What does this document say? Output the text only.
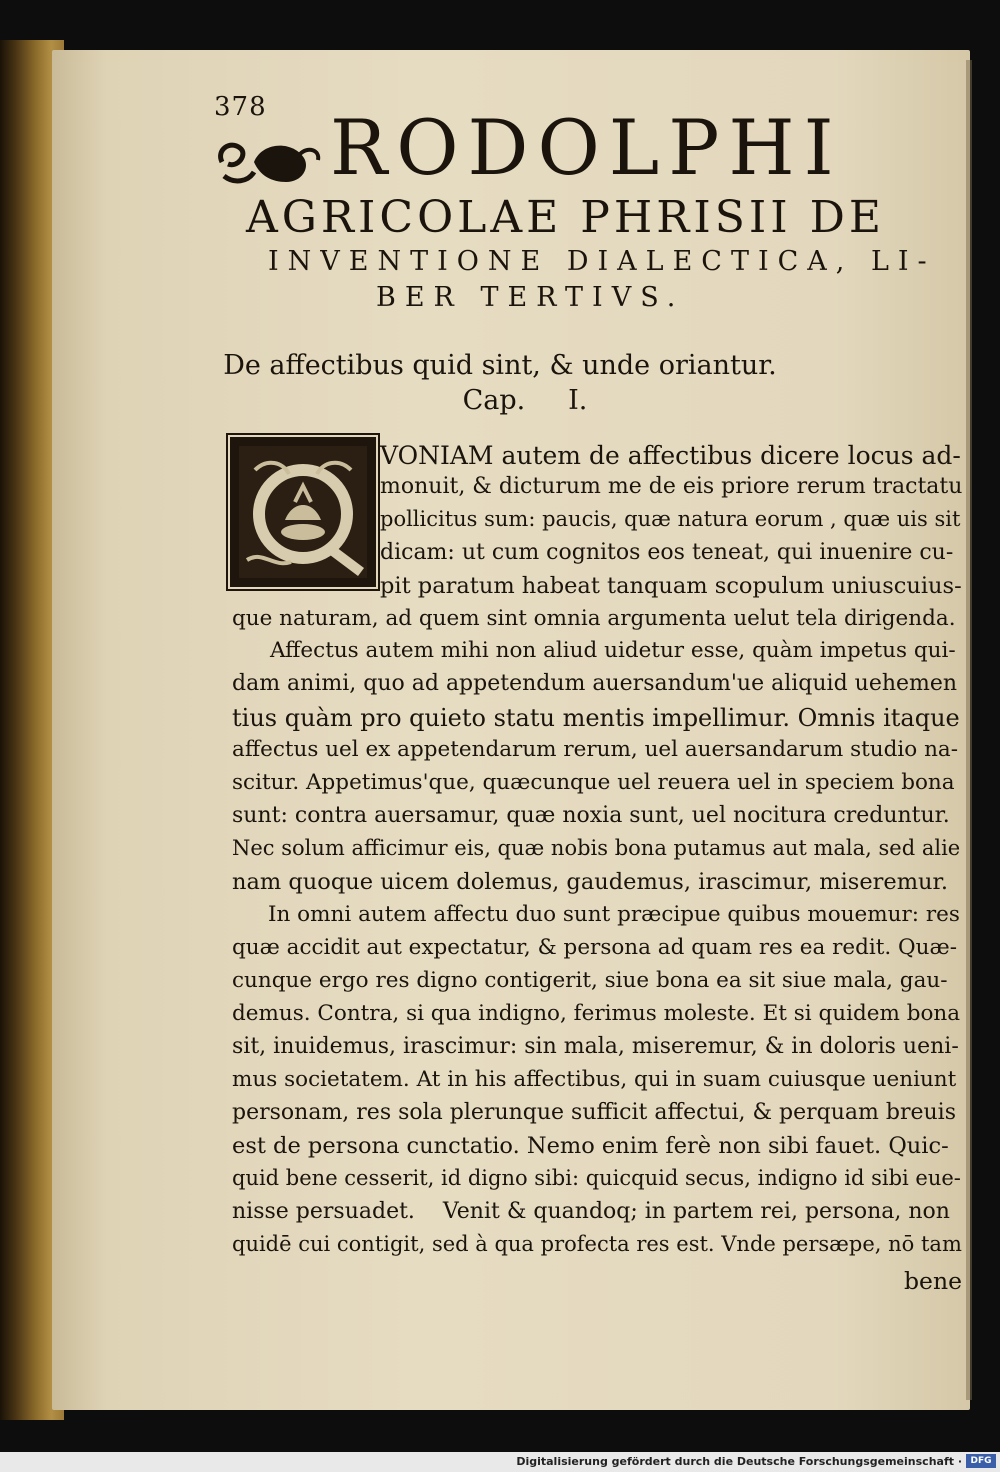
378 RODOLPHI
AGRICOLAE PHRISII DE
INVENTIONE DIALECTICA, LI-
BER TERTIVS.
De affectibus quid sint, & unde oriantur.
Cap.     I.
VONIAM autem de affectibus dicere locus ad-
monuit, & dicturum me de eis priore rerum tractatu
pollicitus sum: paucis, quæ natura eorum , quæ uis sit
dicam: ut cum cognitos eos teneat, qui inuenire cu-
pit paratum habeat tanquam scopulum uniuscuius-
que naturam, ad quem sint omnia argumenta uelut tela dirigenda.
Affectus autem mihi non aliud uidetur esse, quàm impetus qui-
dam animi, quo ad appetendum auersandum'ue aliquid uehemen
tius quàm pro quieto statu mentis impellimur. Omnis itaque
affectus uel ex appetendarum rerum, uel auersandarum studio na-
scitur. Appetimus'que, quæcunque uel reuera uel in speciem bona
sunt: contra auersamur, quæ noxia sunt, uel nocitura creduntur.
Nec solum afficimur eis, quæ nobis bona putamus aut mala, sed alie
nam quoque uicem dolemus, gaudemus, irascimur, miseremur.
In omni autem affectu duo sunt præcipue quibus mouemur: res
quæ accidit aut expectatur, & persona ad quam res ea redit. Quæ-
cunque ergo res digno contigerit, siue bona ea sit siue mala, gau-
demus. Contra, si qua indigno, ferimus moleste. Et si quidem bona
sit, inuidemus, irascimur: sin mala, miseremur, & in doloris ueni-
mus societatem. At in his affectibus, qui in suam cuiusque ueniunt
personam, res sola plerunque sufficit affectui, & perquam breuis
est de persona cunctatio. Nemo enim ferè non sibi fauet. Quic-
quid bene cesserit, id digno sibi: quicquid secus, indigno id sibi eue-
nisse persuadet.    Venit & quandoq; in partem rei, persona, non
quidē cui contigit, sed à qua profecta res est. Vnde persæpe, nō tam
bene
Digitalisierung gefördert durch die Deutsche Forschungsgemeinschaft · DFG
